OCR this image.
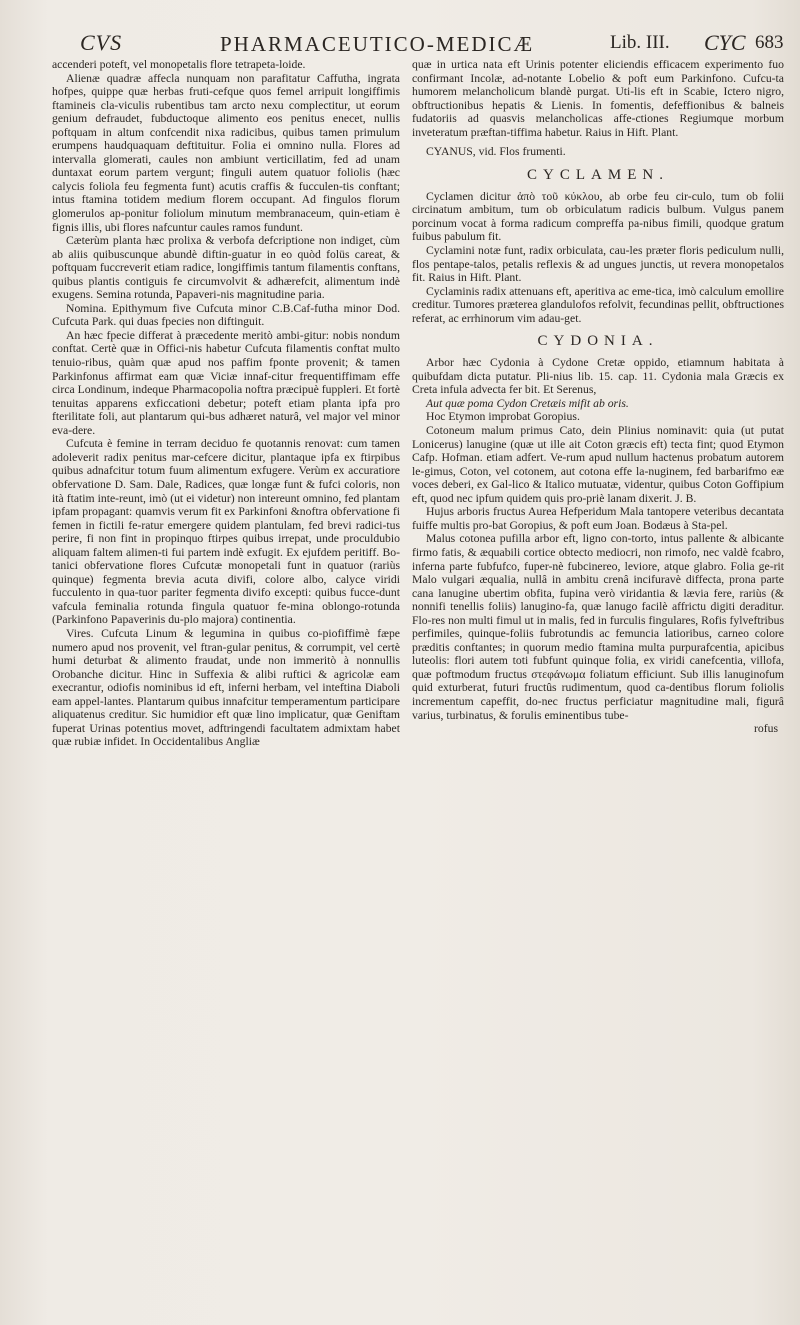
CVS	PHARMACEUTICO-MEDICÆ	Lib. III. CYC 683

accenderi poteft, vel monopetalis flore tetrapeta-loide.

Alienæ quadræ affecla nunquam non parafitatur Caffutha, ingrata hofpes, quippe quæ herbas fruti-cefque quos femel arripuit longiffimis ftamineis cla-viculis rubentibus tam arcto nexu complectitur, ut eorum genium defraudet, fubductoque alimento eos penitus enecet, nullis poftquam in altum confcendit nixa radicibus, quibus tamen primulum erumpens haudquaquam deftituitur. Folia ei omnino nulla. Flores ad intervalla glomerati, caules non ambiunt verticillatim, fed ad unam duntaxat eorum partem vergunt; finguli autem quatuor foliolis (hæc calycis foliola feu fegmenta funt) acutis craffis & fucculen-tis conftant; intus ftamina totidem medium florem occupant. Ad fingulos florum glomerulos ap-ponitur foliolum minutum membranaceum, quin-etiam è fignis illis, ubi flores nafcuntur caules ramos fundunt.

Cæterùm planta hæc prolixa & verbofa defcriptione non indiget, cùm ab aliis quibuscunque abundè diftin-guatur in eo quòd folüs careat, & poftquam fuccreverit etiam radice, longiffimis tantum filamentis conftans, quibus plantis contiguis fe circumvolvit & adhærefcit, alimentum indè exugens. Semina rotunda, Papaveri-nis magnitudine paria.

Nomina. Epithymum five Cufcuta minor C.B.Caf-futha minor Dod. Cufcuta Park. qui duas fpecies non diftinguit.

An hæc fpecie differat à præcedente meritò ambi-gitur: nobis nondum conftat. Certè quæ in Offici-nis habetur Cufcuta filamentis conftat multo tenuio-ribus, quàm quæ apud nos paffim fponte provenit; & tamen Parkinfonus affirmat eam quæ Viciæ innaf-citur frequentiffimam effe circa Londinum, indeque Pharmacopolia noftra præcipuè fuppleri. Et fortè tenuitas apparens exficcationi debetur; poteft etiam planta ipfa pro fterilitate foli, aut plantarum qui-bus adhæret naturâ, vel major vel minor eva-dere.

Cufcuta è femine in terram deciduo fe quotannis renovat: cum tamen adoleverit radix penitus mar-cefcere dicitur, plantaque ipfa ex ftirpibus quibus adnafcitur totum fuum alimentum exfugere. Verùm ex accuratiore obfervatione D. Sam. Dale, Radices, quæ longæ funt & fufci coloris, non ità ftatim inte-reunt, imò (ut ei videtur) non intereunt omnino, fed plantam ipfam propagant: quamvis verum fit ex Parkinfoni &noftra obfervatione fi femen in fictili fe-ratur emergere quidem plantulam, fed brevi radici-tus perire, fi non fint in propinquo ftirpes quibus irrepat, unde proculdubio aliquam faltem alimen-ti fui partem indè exfugit. Ex ejufdem peritiff. Bo-tanici obfervatione flores Cufcutæ monopetali funt in quatuor (rariùs quinque) fegmenta brevia acuta divifi, colore albo, calyce viridi fucculento in qua-tuor pariter fegmenta divifo excepti: quibus fucce-dunt vafcula feminalia rotunda fingula quatuor fe-mina oblongo-rotunda (Parkinfono Papaverinis du-plo majora) continentia.

Vires. Cufcuta Linum & legumina in quibus co-piofiffimè fæpe numero apud nos provenit, vel ftran-gular penitus, & corrumpit, vel certè humi deturbat & alimento fraudat, unde non immeritò à nonnullis Orobanche dicitur. Hinc in Suffexia & alibi ruftici & agricolæ eam execrantur, odiofis nominibus id eft, inferni herbam, vel inteftina Diaboli eam appel-lantes. Plantarum quibus innafcitur temperamentum participare aliquatenus creditur. Sic humidior eft quæ lino implicatur, quæ Geniftam fuperat Urinas potentius movet, adftringendi facultatem admixtam habet quæ rubiæ infidet. In Occidentalibus Angliæ

quæ in urtica nata eft Urinis potenter eliciendis efficacem experimento fuo confirmant Incolæ, ad-notante Lobelio & poft eum Parkinfono. Cufcu-ta humorem melancholicum blandè purgat. Uti-lis eft in Scabie, Ictero nigro, obftructionibus hepatis & Lienis. In fomentis, defeffionibus & balneis fudatoriis ad quasvis melancholicas affe-ctiones Regiumque morbum inveteratum præftan-tiffima habetur. Raius in Hift. Plant.

CYANUS, vid. Flos frumenti.

CYCLAMEN.

Cyclamen dicitur ἀπὸ τοῦ κύκλου, ab orbe feu cir-culo, tum ob folii circinatum ambitum, tum ob orbiculatum radicis bulbum. Vulgus panem porcinum vocat à forma radicum compreffa pa-nibus fimili, quodque gratum fuibus pabulum fit.

Cyclamini notæ funt, radix orbiculata, cau-les præter floris pediculum nulli, flos pentape-talos, petalis reflexis & ad ungues junctis, ut revera monopetalos fit. Raius in Hift. Plant.

Cyclaminis radix attenuans eft, aperitiva ac eme-tica, imò calculum emollire creditur. Tumores præterea glandulofos refolvit, fecundinas pellit, obftructiones referat, ac errhinorum vim adau-get.

CYDONIA.

Arbor hæc Cydonia à Cydone Cretæ oppido, etiamnum habitata à quibufdam dicta putatur. Pli-nius lib. 15. cap. 11. Cydonia mala Græcis ex Creta infula advecta fer bit. Et Serenus,

Aut quæ poma Cydon Cretæis mifit ab oris.

Hoc Etymon improbat Goropius.

Cotoneum malum primus Cato, dein Plinius nominavit: quia (ut putat Lonicerus) lanugine (quæ ut ille ait Coton græcis eft) tecta fint; quod Etymon Cafp. Hofman. etiam adfert. Ve-rum apud nullum hactenus probatum autorem le-gimus, Coton, vel cotonem, aut cotona effe la-nuginem, fed barbarifmo eæ voces deberi, ex Gal-lico & Italico mutuatæ, videntur, quibus Coton Goffipium eft, quod nec ipfum quidem quis pro-priè lanam dixerit. J. B.

Hujus arboris fructus Aurea Hefperidum Mala tantopere veteribus decantata fuiffe multis pro-bat Goropius, & poft eum Joan. Bodæus à Sta-pel.

Malus cotonea pufilla arbor eft, ligno con-torto, intus pallente & albicante firmo fatis, & æquabili cortice obtecto mediocri, non rimofo, nec valdè fcabro, inferna parte fubfufco, fuper-nè fubcinereo, leviore, atque glabro. Folia ge-rit Malo vulgari æqualia, nullâ in ambitu crenâ incifuravè diffecta, prona parte cana lanugine ubertim obfita, fupina verò viridantia & lævia fere, rariùs (& nonnifi tenellis foliis) lanugino-fa, quæ lanugo facilè affrictu digiti deraditur. Flo-res non multi fimul ut in malis, fed in furculis fingulares, Rofis fylveftribus perfimiles, quinque-foliis fubrotundis ac femuncia latioribus, carneo colore præditis conftantes; in quorum medio ftamina multa purpurafcentia, apicibus luteolis: flori autem toti fubfunt quinque folia, ex viridi canefcentia, villofa, quæ poftmodum fructus στεφάνωμα foliatum efficiunt. Sub illis lanuginofum quid exturberat, futuri fructûs rudimentum, quod ca-dentibus florum foliolis incrementum capeffit, do-nec fructus perficiatur magnitudine mali, figurâ varius, turbinatus, & forulis eminentibus tube-

rofus
